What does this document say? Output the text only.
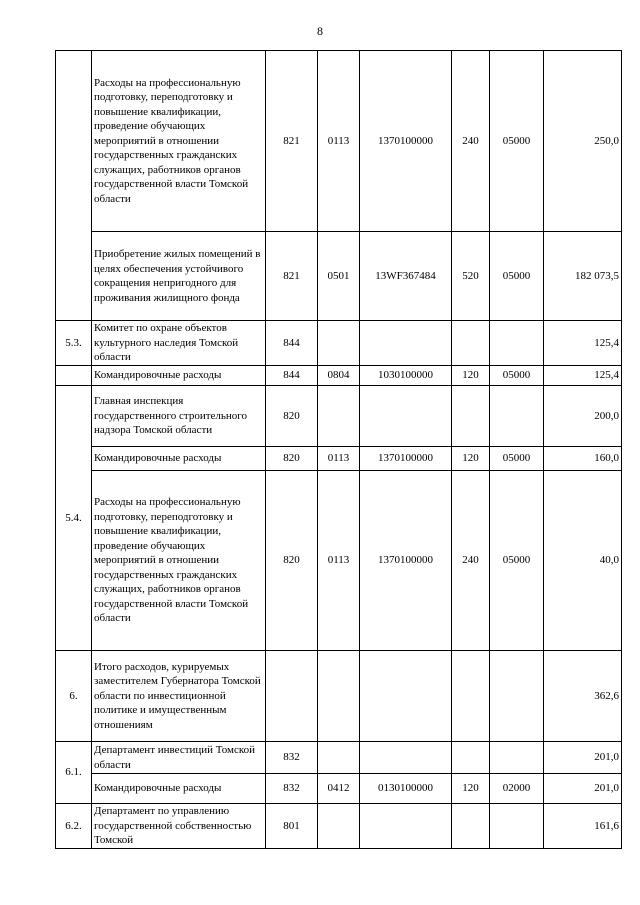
8
	Расходы на профессиональную подготовку, переподготовку и повышение квалификации, проведение обучающих мероприятий в отношении государственных гражданских служащих, работников органов государственной власти Томской области	821	0113	1370100000	240	05000	250,0
	Приобретение жилых помещений в целях обеспечения устойчивого сокращения непригодного для проживания жилищного фонда	821	0501	13WF367484	520	05000	182 073,5
5.3.	Комитет по охране объектов культурного наследия Томской области	844					125,4
	Командировочные расходы	844	0804	1030100000	120	05000	125,4
5.4.	Главная инспекция государственного строительного надзора Томской области	820					200,0
	Командировочные расходы	820	0113	1370100000	120	05000	160,0
	Расходы на профессиональную подготовку, переподготовку и повышение квалификации, проведение обучающих мероприятий в отношении государственных гражданских служащих, работников органов государственной власти Томской области	820	0113	1370100000	240	05000	40,0
6.	Итого расходов, курируемых заместителем Губернатора Томской области по инвестиционной политике и имущественным отношениям						362,6
6.1.	Департамент инвестиций Томской области	832					201,0
	Командировочные расходы	832	0412	0130100000	120	02000	201,0
6.2.	Департамент по управлению государственной собственностью Томской	801					161,6
